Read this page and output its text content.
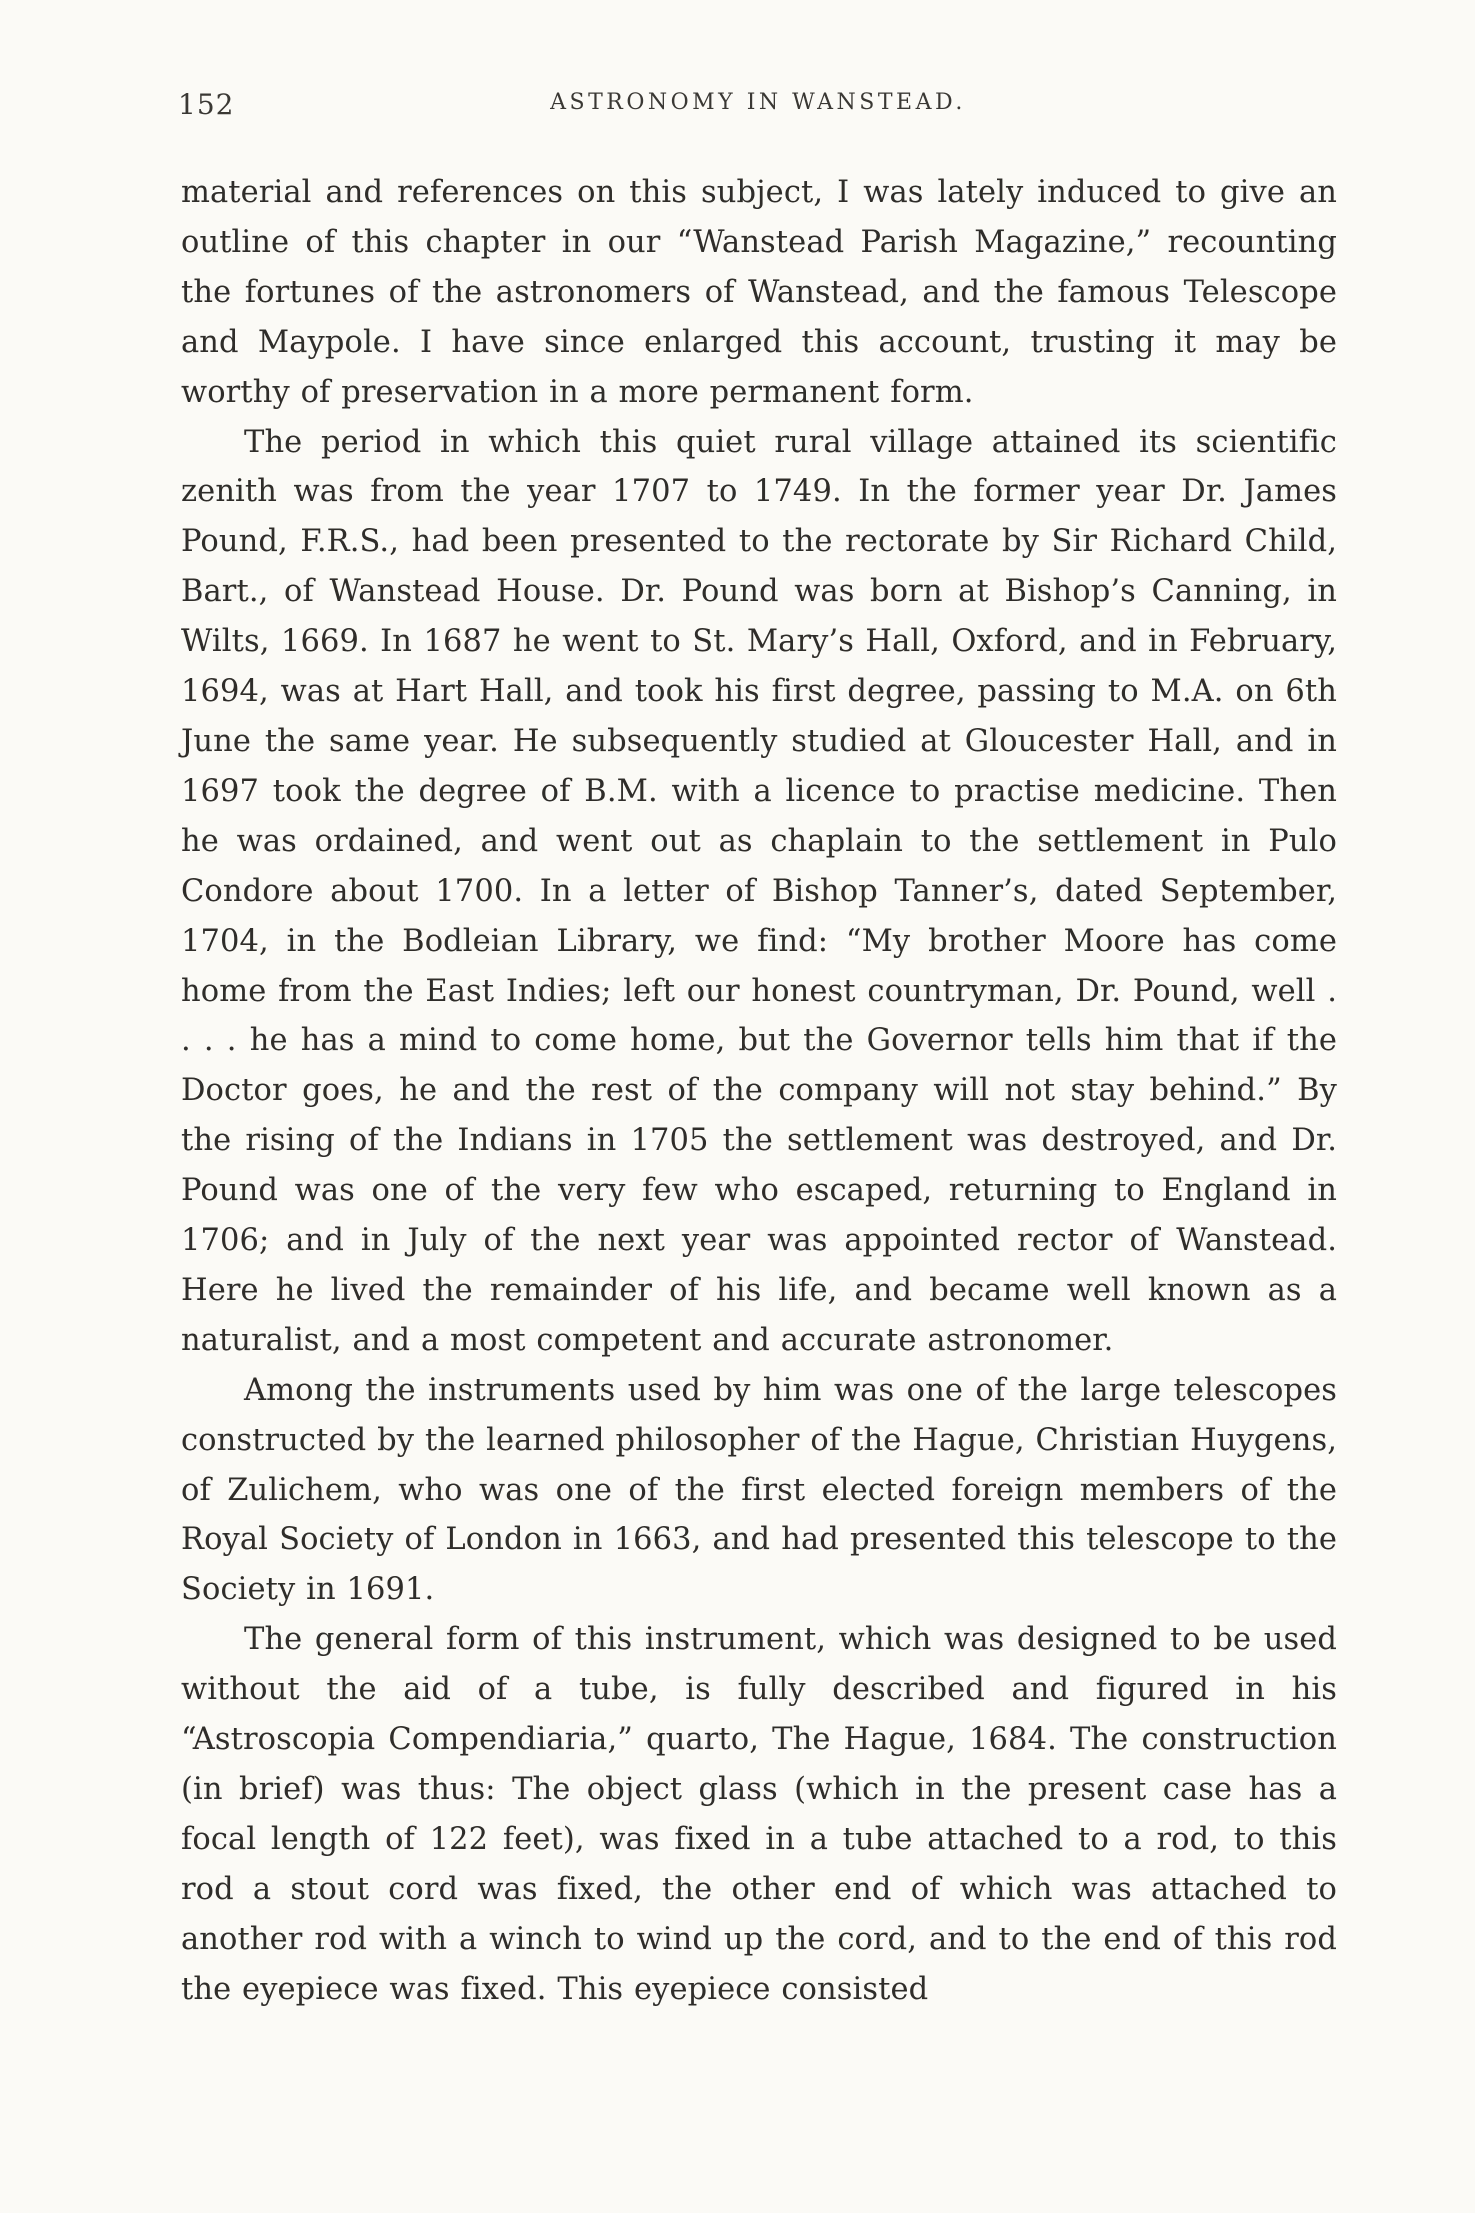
152	ASTRONOMY IN WANSTEAD.

material and references on this subject, I was lately induced to give an outline of this chapter in our “Wanstead Parish Magazine,” recounting the fortunes of the astronomers of Wanstead, and the famous Telescope and Maypole. I have since enlarged this account, trusting it may be worthy of preservation in a more permanent form.

The period in which this quiet rural village attained its scientific zenith was from the year 1707 to 1749. In the former year Dr. James Pound, F.R.S., had been presented to the rectorate by Sir Richard Child, Bart., of Wanstead House. Dr. Pound was born at Bishop’s Canning, in Wilts, 1669. In 1687 he went to St. Mary’s Hall, Oxford, and in February, 1694, was at Hart Hall, and took his first degree, passing to M.A. on 6th June the same year. He subsequently studied at Gloucester Hall, and in 1697 took the degree of B.M. with a licence to practise medicine. Then he was ordained, and went out as chaplain to the settlement in Pulo Condore about 1700. In a letter of Bishop Tanner’s, dated September, 1704, in the Bodleian Library, we find: “My brother Moore has come home from the East Indies; left our honest countryman, Dr. Pound, well . . . . he has a mind to come home, but the Governor tells him that if the Doctor goes, he and the rest of the company will not stay behind.” By the rising of the Indians in 1705 the settlement was destroyed, and Dr. Pound was one of the very few who escaped, returning to England in 1706; and in July of the next year was appointed rector of Wanstead. Here he lived the remainder of his life, and became well known as a naturalist, and a most competent and accurate astronomer.

Among the instruments used by him was one of the large telescopes constructed by the learned philosopher of the Hague, Christian Huygens, of Zulichem, who was one of the first elected foreign members of the Royal Society of London in 1663, and had presented this telescope to the Society in 1691.

The general form of this instrument, which was designed to be used without the aid of a tube, is fully described and figured in his “Astroscopia Compendiaria,” quarto, The Hague, 1684. The construction (in brief) was thus: The object glass (which in the present case has a focal length of 122 feet), was fixed in a tube attached to a rod, to this rod a stout cord was fixed, the other end of which was attached to another rod with a winch to wind up the cord, and to the end of this rod the eyepiece was fixed. This eyepiece consisted
